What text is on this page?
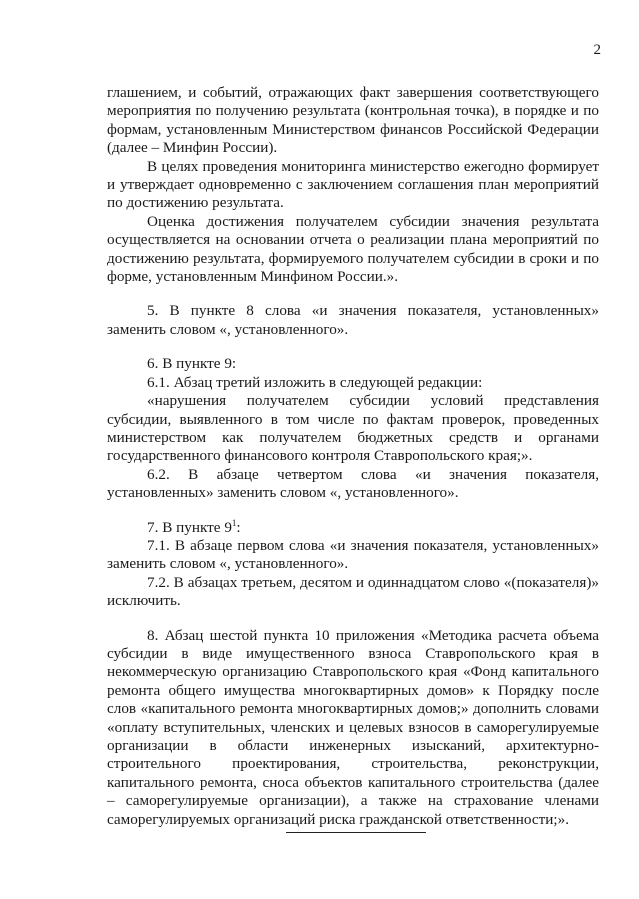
2

глашением, и событий, отражающих факт завершения соответствующего мероприятия по получению результата (контрольная точка), в порядке и по формам, установленным Министерством финансов Российской Федерации (далее – Минфин России).

В целях проведения мониторинга министерство ежегодно формирует и утверждает одновременно с заключением соглашения план мероприятий по достижению результата.

Оценка достижения получателем субсидии значения результата осуществляется на основании отчета о реализации плана мероприятий по достижению результата, формируемого получателем субсидии в сроки и по форме, установленным Минфином России.».

5. В пункте 8 слова «и значения показателя, установленных» заменить словом «, установленного».

6. В пункте 9:

6.1. Абзац третий изложить в следующей редакции:

«нарушения получателем субсидии условий представления субсидии, выявленного в том числе по фактам проверок, проведенных министерством как получателем бюджетных средств и органами государственного финансового контроля Ставропольского края;».

6.2. В абзаце четвертом слова «и значения показателя, установленных» заменить словом «, установленного».

7. В пункте $9^1$:

7.1. В абзаце первом слова «и значения показателя, установленных» заменить словом «, установленного».

7.2. В абзацах третьем, десятом и одиннадцатом слово «(показателя)» исключить.

8. Абзац шестой пункта 10 приложения «Методика расчета объема субсидии в виде имущественного взноса Ставропольского края в некоммерческую организацию Ставропольского края «Фонд капитального ремонта общего имущества многоквартирных домов» к Порядку после слов «капитального ремонта многоквартирных домов;» дополнить словами «оплату вступительных, членских и целевых взносов в саморегулируемые организации в области инженерных изысканий, архитектурно-строительного проектирования, строительства, реконструкции, капитального ремонта, сноса объектов капитального строительства (далее – саморегулируемые организации), а также на страхование членами саморегулируемых организаций риска гражданской ответственности;».
